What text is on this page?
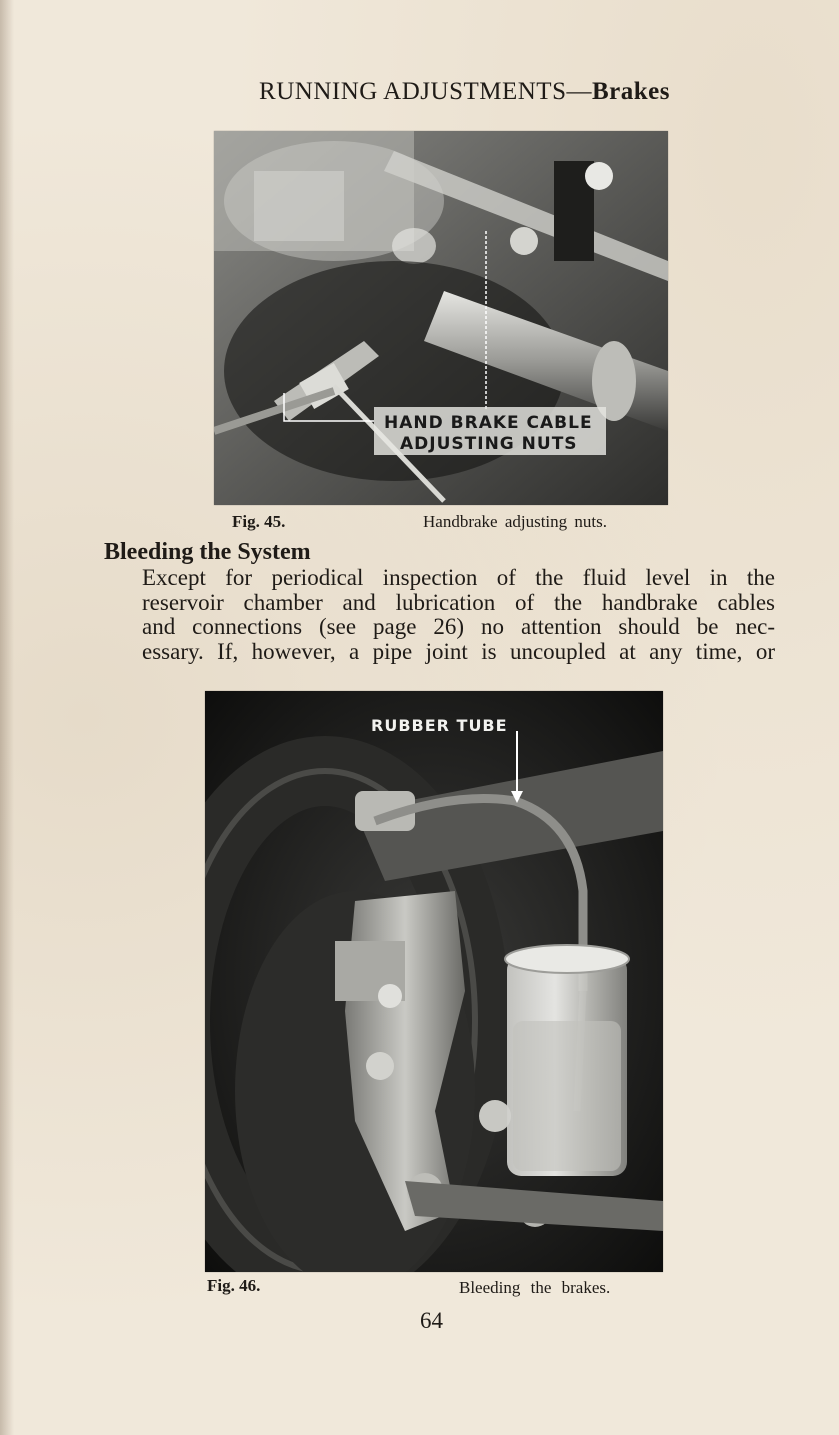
RUNNING ADJUSTMENTS—Brakes
HAND BRAKE CABLE
ADJUSTING NUTS
Fig. 45.	Handbrake adjusting nuts.
Bleeding the System
Except for periodical inspection of the fluid level in the
reservoir chamber and lubrication of the handbrake cables
and connections (see page 26) no attention should be nec-
essary. If, however, a pipe joint is uncoupled at any time, or
RUBBER TUBE
Fig. 46.	Bleeding the brakes.
64
